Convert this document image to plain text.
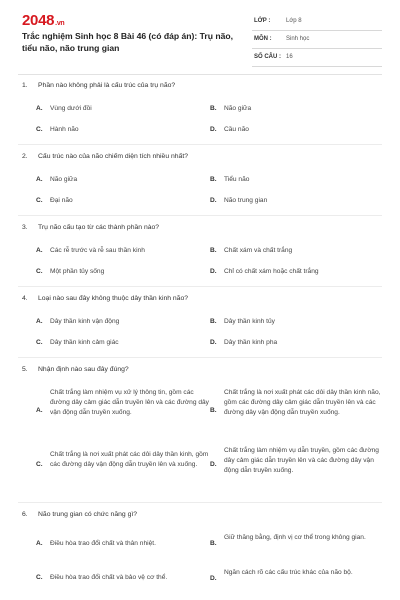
2048.vn
Trắc nghiệm Sinh học 8 Bài 46 (có đáp án): Trụ não, tiểu não, não trung gian
LỚP :	Lớp 8
MÔN : Sinh học
SỐ CÂU : 16
1. Phần nào không phải là cấu trúc của trụ não?
A. Vùng dưới đồi	B. Não giữa
C. Hành não	D. Cầu não
2. Cấu trúc nào của não chiếm diện tích nhiều nhất?
A. Não giữa	B. Tiểu não
C. Đại não	D. Não trung gian
3. Trụ não cấu tạo từ các thành phần nào?
A. Các rễ trước và rễ sau thần kinh	B. Chất xám và chất trắng
C. Một phần tủy sống	D. Chỉ có chất xám hoặc chất trắng
4. Loại nào sau đây không thuộc dây thần kinh não?
A. Dây thần kinh vận động	B. Dây thần kinh tủy
C. Dây thần kinh cảm giác	D. Dây thần kinh pha
5. Nhận định nào sau đây đúng?
A.
Chất trắng làm nhiệm vụ xử lý thông tin, gồm các đường dây cảm giác dẫn truyền lên và các đường dây vận động dẫn truyền xuống.	B.
Chất trắng là nơi xuất phát các dôi dây thần kinh não, gồm các đường dây cảm giác dẫn truyền lên và các đường dây vận động dẫn truyền xuống.
C.
Chất trắng là nơi xuất phát các dôi dây thần kinh, gồm các đường dây vận động dẫn truyền lên và xuống.	D.
Chất trắng làm nhiệm vụ dẫn truyền, gồm các đường dây cảm giác dẫn truyền lên và các đường dây vận động dẫn truyền xuống.
6. Não trung gian có chức năng gì?
A. Điều hòa trao đổi chất và thân nhiệt.	B.
Giữ thăng bằng, định vị cơ thể trong không gian.
C. Điều hòa trao đổi chất và bảo vệ cơ thể.	D.
Ngăn cách rõ các cấu trúc khác của não bộ.
